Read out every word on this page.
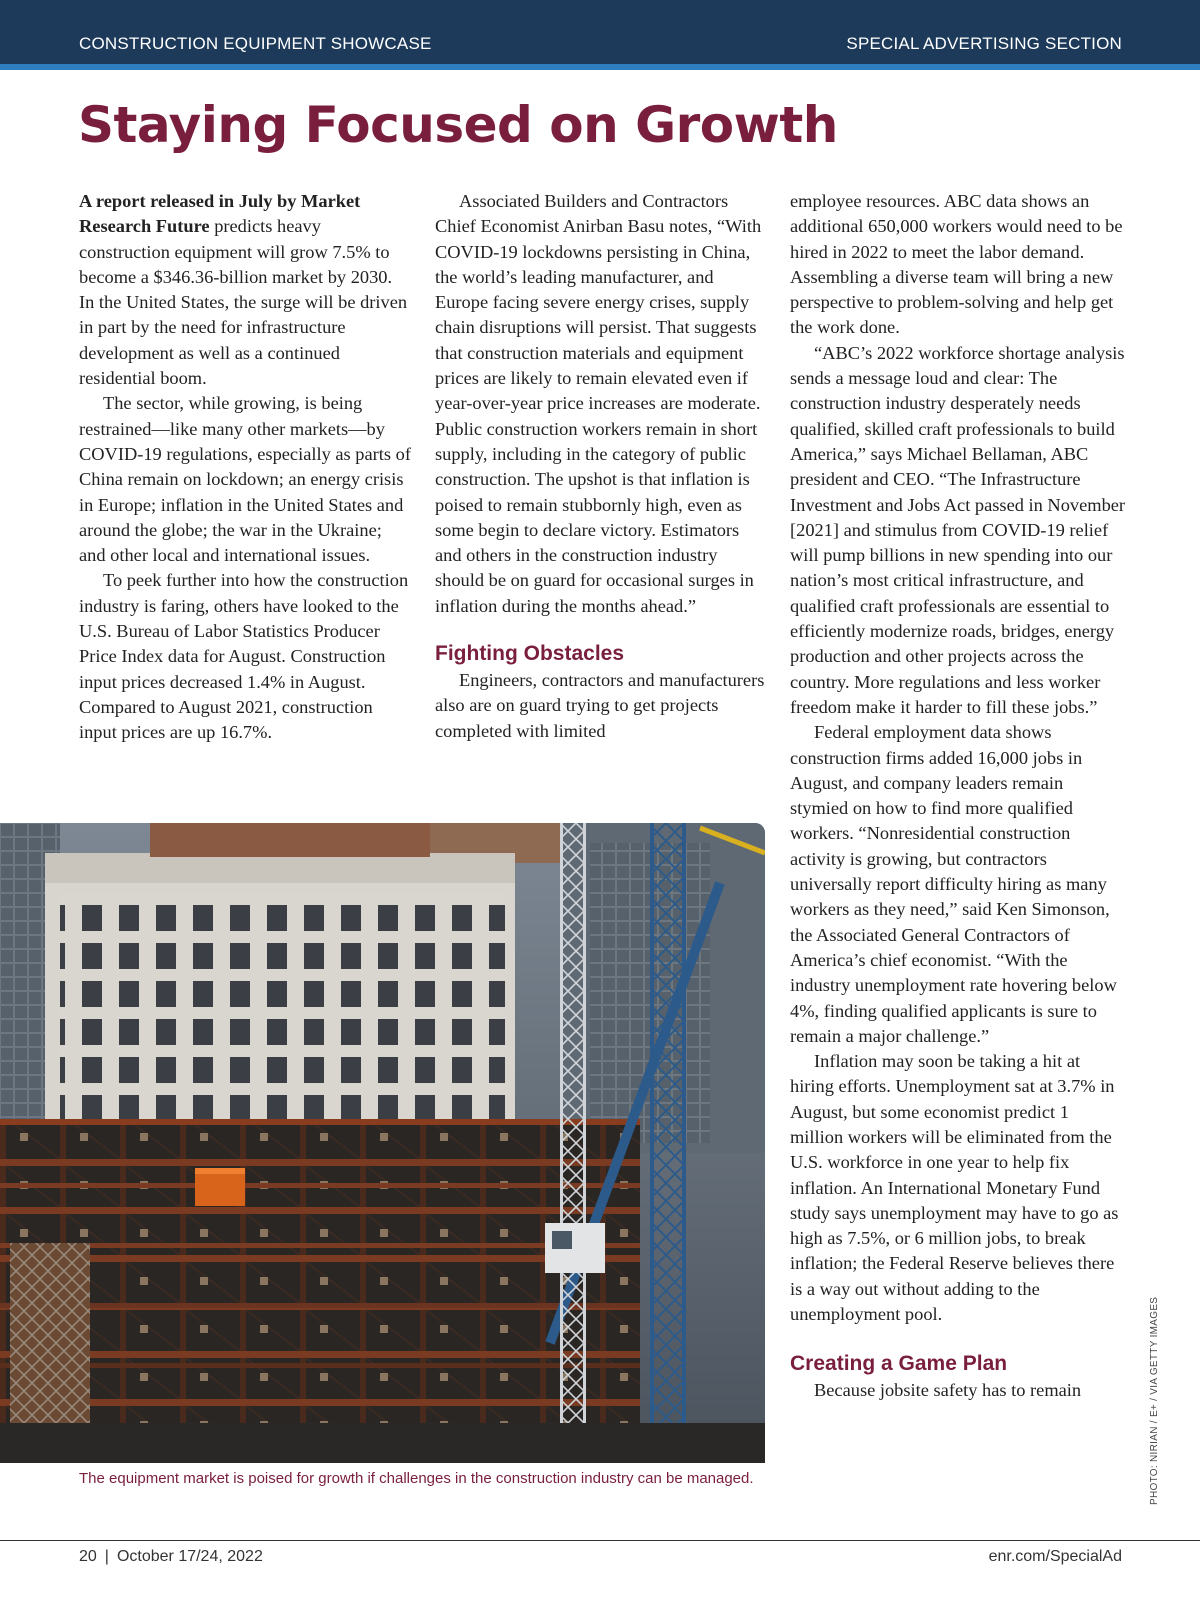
CONSTRUCTION EQUIPMENT SHOWCASE	SPECIAL ADVERTISING SECTION
Staying Focused on Growth

A report released in July by Market Research Future predicts heavy construction equipment will grow 7.5% to become a $346.36-billion market by 2030. In the United States, the surge will be driven in part by the need for infrastructure development as well as a continued residential boom.

The sector, while growing, is being restrained—like many other markets—by COVID-19 regulations, especially as parts of China remain on lockdown; an energy crisis in Europe; inflation in the United States and around the globe; the war in the Ukraine; and other local and international issues.

To peek further into how the construction industry is faring, others have looked to the U.S. Bureau of Labor Statistics Producer Price Index data for August. Construction input prices decreased 1.4% in August. Compared to August 2021, construction input prices are up 16.7%.

Associated Builders and Contractors Chief Economist Anirban Basu notes, “With COVID-19 lockdowns persisting in China, the world’s leading manufacturer, and Europe facing severe energy crises, supply chain disruptions will persist. That suggests that construction materials and equipment prices are likely to remain elevated even if year-over-year price increases are moderate. Public construction workers remain in short supply, including in the category of public construction. The upshot is that inflation is poised to remain stubbornly high, even as some begin to declare victory. Estimators and others in the construction industry should be on guard for occasional surges in inflation during the months ahead.”

Fighting Obstacles

Engineers, contractors and manufacturers also are on guard trying to get projects completed with limited

employee resources. ABC data shows an additional 650,000 workers would need to be hired in 2022 to meet the labor demand. Assembling a diverse team will bring a new perspective to problem-solving and help get the work done.

“ABC’s 2022 workforce shortage analysis sends a message loud and clear: The construction industry desperately needs qualified, skilled craft professionals to build America,” says Michael Bellaman, ABC president and CEO. “The Infrastructure Investment and Jobs Act passed in November [2021] and stimulus from COVID-19 relief will pump billions in new spending into our nation’s most critical infrastructure, and qualified craft professionals are essential to efficiently modernize roads, bridges, energy production and other projects across the country. More regulations and less worker freedom make it harder to fill these jobs.”

Federal employment data shows construction firms added 16,000 jobs in August, and company leaders remain stymied on how to find more qualified workers. “Nonresidential construction activity is growing, but contractors universally report difficulty hiring as many workers as they need,” said Ken Simonson, the Associated General Contractors of America’s chief economist. “With the industry unemployment rate hovering below 4%, finding qualified applicants is sure to remain a major challenge.”

Inflation may soon be taking a hit at hiring efforts. Unemployment sat at 3.7% in August, but some economist predict 1 million workers will be eliminated from the U.S. workforce in one year to help fix inflation. An International Monetary Fund study says unemployment may have to go as high as 7.5%, or 6 million jobs, to break inflation; the Federal Reserve believes there is a way out without adding to the unemployment pool.

Creating a Game Plan

Because jobsite safety has to remain

The equipment market is poised for growth if challenges in the construction industry can be managed.	PHOTO: NIRIAN / E+ / VIA GETTY IMAGES
20 | October 17/24, 2022	enr.com/SpecialAd
